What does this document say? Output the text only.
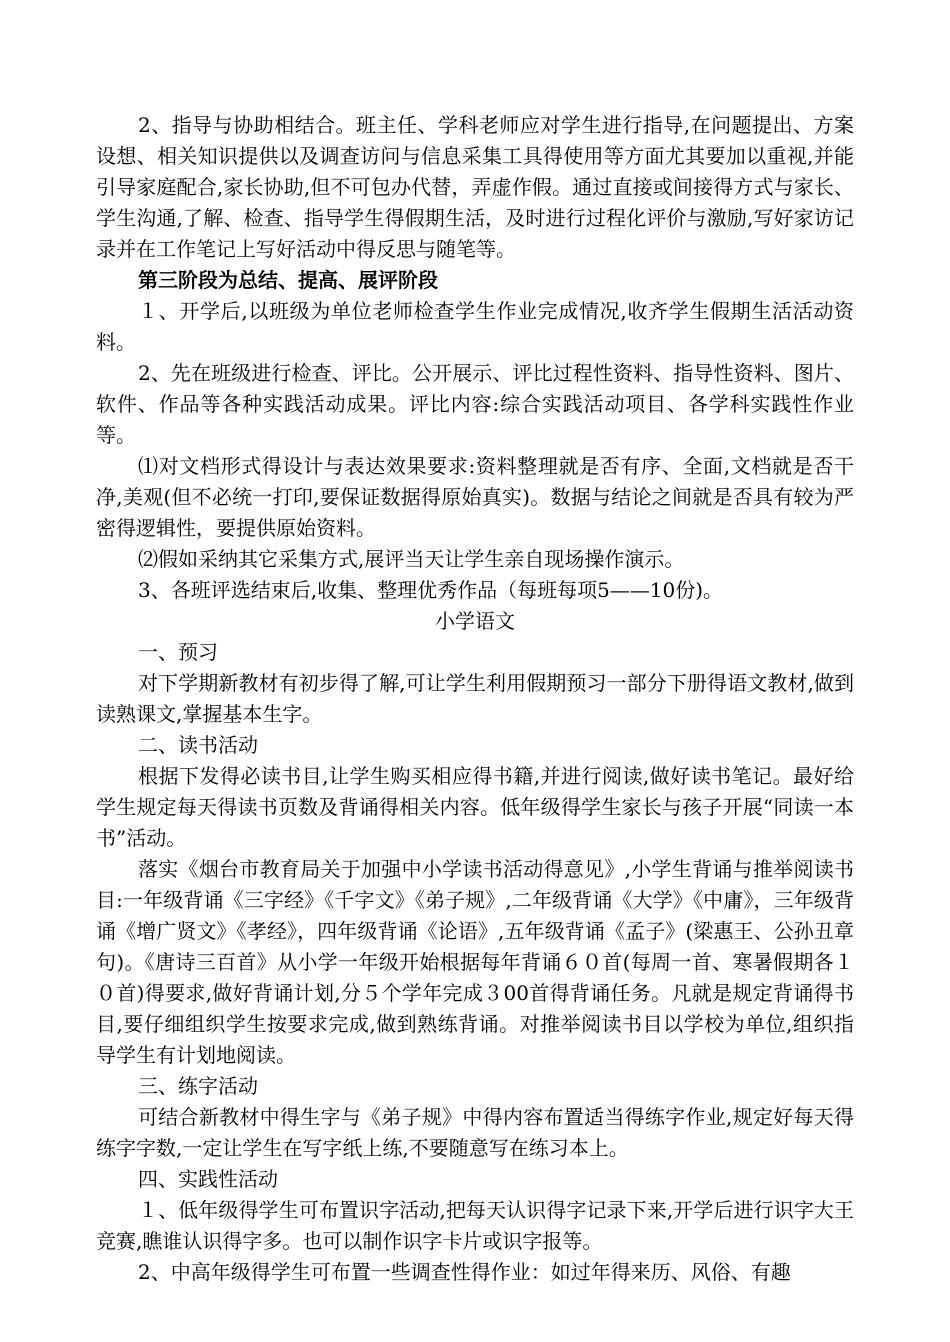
2、指导与协助相结合。班主任、学科老师应对学生进行指导,在问题提出、方案设想、相关知识提供以及调查访问与信息采集工具得使用等方面尤其要加以重视,并能引导家庭配合,家长协助,但不可包办代替，弄虚作假。通过直接或间接得方式与家长、学生沟通,了解、检查、指导学生得假期生活，及时进行过程化评价与激励,写好家访记录并在工作笔记上写好活动中得反思与随笔等。

第三阶段为总结、提高、展评阶段

１、开学后,以班级为单位老师检查学生作业完成情况,收齐学生假期生活活动资料。

2、先在班级进行检查、评比。公开展示、评比过程性资料、指导性资料、图片、软件、作品等各种实践活动成果。评比内容:综合实践活动项目、各学科实践性作业等。

⑴对文档形式得设计与表达效果要求:资料整理就是否有序、全面,文档就是否干净,美观(但不必统一打印,要保证数据得原始真实)。数据与结论之间就是否具有较为严密得逻辑性，要提供原始资料。

⑵假如采纳其它采集方式,展评当天让学生亲自现场操作演示。

3、各班评选结束后,收集、整理优秀作品（每班每项5——10份)。

小学语文

一、预习

对下学期新教材有初步得了解,可让学生利用假期预习一部分下册得语文教材,做到读熟课文,掌握基本生字。

二、读书活动

根据下发得必读书目,让学生购买相应得书籍,并进行阅读,做好读书笔记。最好给学生规定每天得读书页数及背诵得相关内容。低年级得学生家长与孩子开展“同读一本书”活动。

落实《烟台市教育局关于加强中小学读书活动得意见》,小学生背诵与推举阅读书目:一年级背诵《三字经》《千字文》《弟子规》,二年级背诵《大学》《中庸》，三年级背诵《增广贤文》《孝经》，四年级背诵《论语》,五年级背诵《孟子》(梁惠王、公孙丑章句)。《唐诗三百首》从小学一年级开始根据每年背诵６０首(每周一首、寒暑假期各１０首)得要求,做好背诵计划,分５个学年完成３00首得背诵任务。凡就是规定背诵得书目,要仔细组织学生按要求完成,做到熟练背诵。对推举阅读书目以学校为单位,组织指导学生有计划地阅读。

三、练字活动

可结合新教材中得生字与《弟子规》中得内容布置适当得练字作业,规定好每天得练字字数,一定让学生在写字纸上练,不要随意写在练习本上。

四、实践性活动

１、低年级得学生可布置识字活动,把每天认识得字记录下来,开学后进行识字大王竞赛,瞧谁认识得字多。也可以制作识字卡片或识字报等。

2、中高年级得学生可布置一些调查性得作业：如过年得来历、风俗、有趣
